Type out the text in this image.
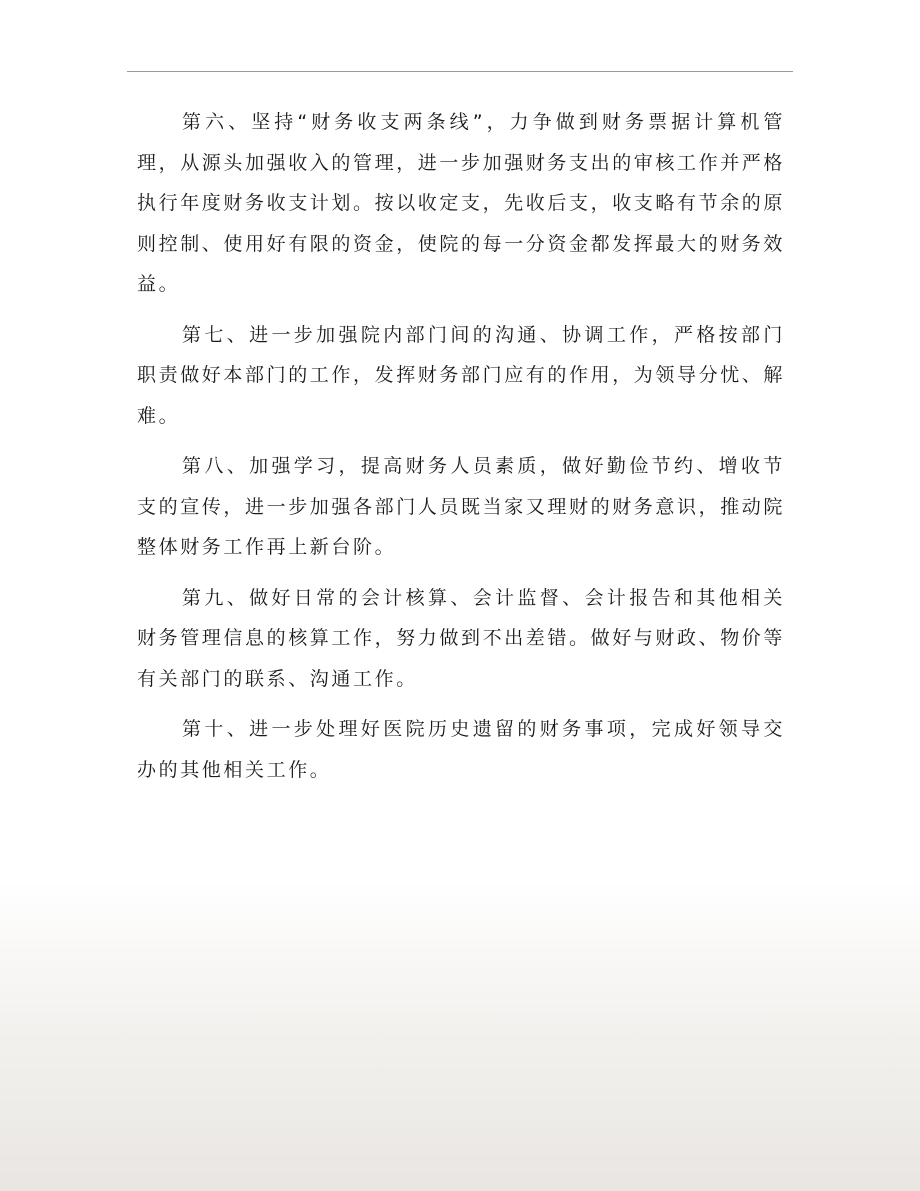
第六、坚持“财务收支两条线”，力争做到财务票据计算机管理，从源头加强收入的管理，进一步加强财务支出的审核工作并严格执行年度财务收支计划。按以收定支，先收后支，收支略有节余的原则控制、使用好有限的资金，使院的每一分资金都发挥最大的财务效益。

第七、进一步加强院内部门间的沟通、协调工作，严格按部门职责做好本部门的工作，发挥财务部门应有的作用，为领导分忧、解难。

第八、加强学习，提高财务人员素质，做好勤俭节约、增收节支的宣传，进一步加强各部门人员既当家又理财的财务意识，推动院整体财务工作再上新台阶。

第九、做好日常的会计核算、会计监督、会计报告和其他相关财务管理信息的核算工作，努力做到不出差错。做好与财政、物价等有关部门的联系、沟通工作。

第十、进一步处理好医院历史遗留的财务事项，完成好领导交办的其他相关工作。
